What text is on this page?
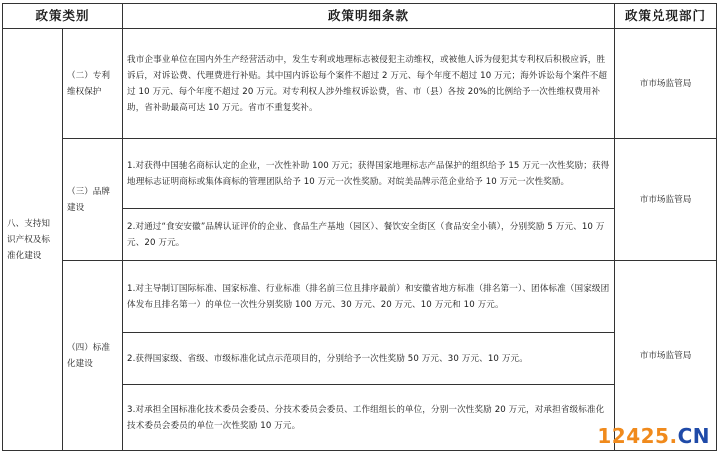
政策类别		政策明细条款	政策兑现部门
八、支持知识产权及标准化建设	（二）专利维权保护	我市企事业单位在国内外生产经营活动中，发生专利或地理标志被侵犯主动维权，或被他人诉为侵犯其专利权后积极应诉，胜诉后，对诉讼费、代理费进行补贴。其中国内诉讼每个案件不超过 2 万元、每个年度不超过 10 万元；海外诉讼每个案件不超过 10 万元、每个年度不超过 20 万元。对专利权人涉外维权诉讼费，省、市（县）各按 20%的比例给予一次性维权费用补助，省补助最高可达 10 万元。省市不重复奖补。	市市场监管局
	（三）品牌建设	1.对获得中国驰名商标认定的企业，一次性补助 100 万元；获得国家地理标志产品保护的组织给予 15 万元一次性奖励；获得地理标志证明商标或集体商标的管理团队给予 10 万元一次性奖励。对皖美品牌示范企业给予 10 万元一次性奖励。	市市场监管局
		2.对通过“食安安徽”品牌认证评价的企业、食品生产基地（园区）、餐饮安全街区（食品安全小镇），分别奖励 5 万元、10 万元、20 万元。	
	（四）标准化建设	1.对主导制订国际标准、国家标准、行业标准（排名前三位且排序最前）和安徽省地方标准（排名第一）、团体标准（国家级团体发布且排名第一）的单位一次性分别奖励 100 万元、30 万元、20 万元、10 万元和 10 万元。	市市场监管局
		2.获得国家级、省级、市级标准化试点示范项目的，分别给予一次性奖励 50 万元、30 万元、10 万元。	
		3.对承担全国标准化技术委员会委员、分技术委员会委员、工作组组长的单位，分别一次性奖励 20 万元，对承担省级标准化技术委员会委员的单位一次性奖励 10 万元。		12425.CN
